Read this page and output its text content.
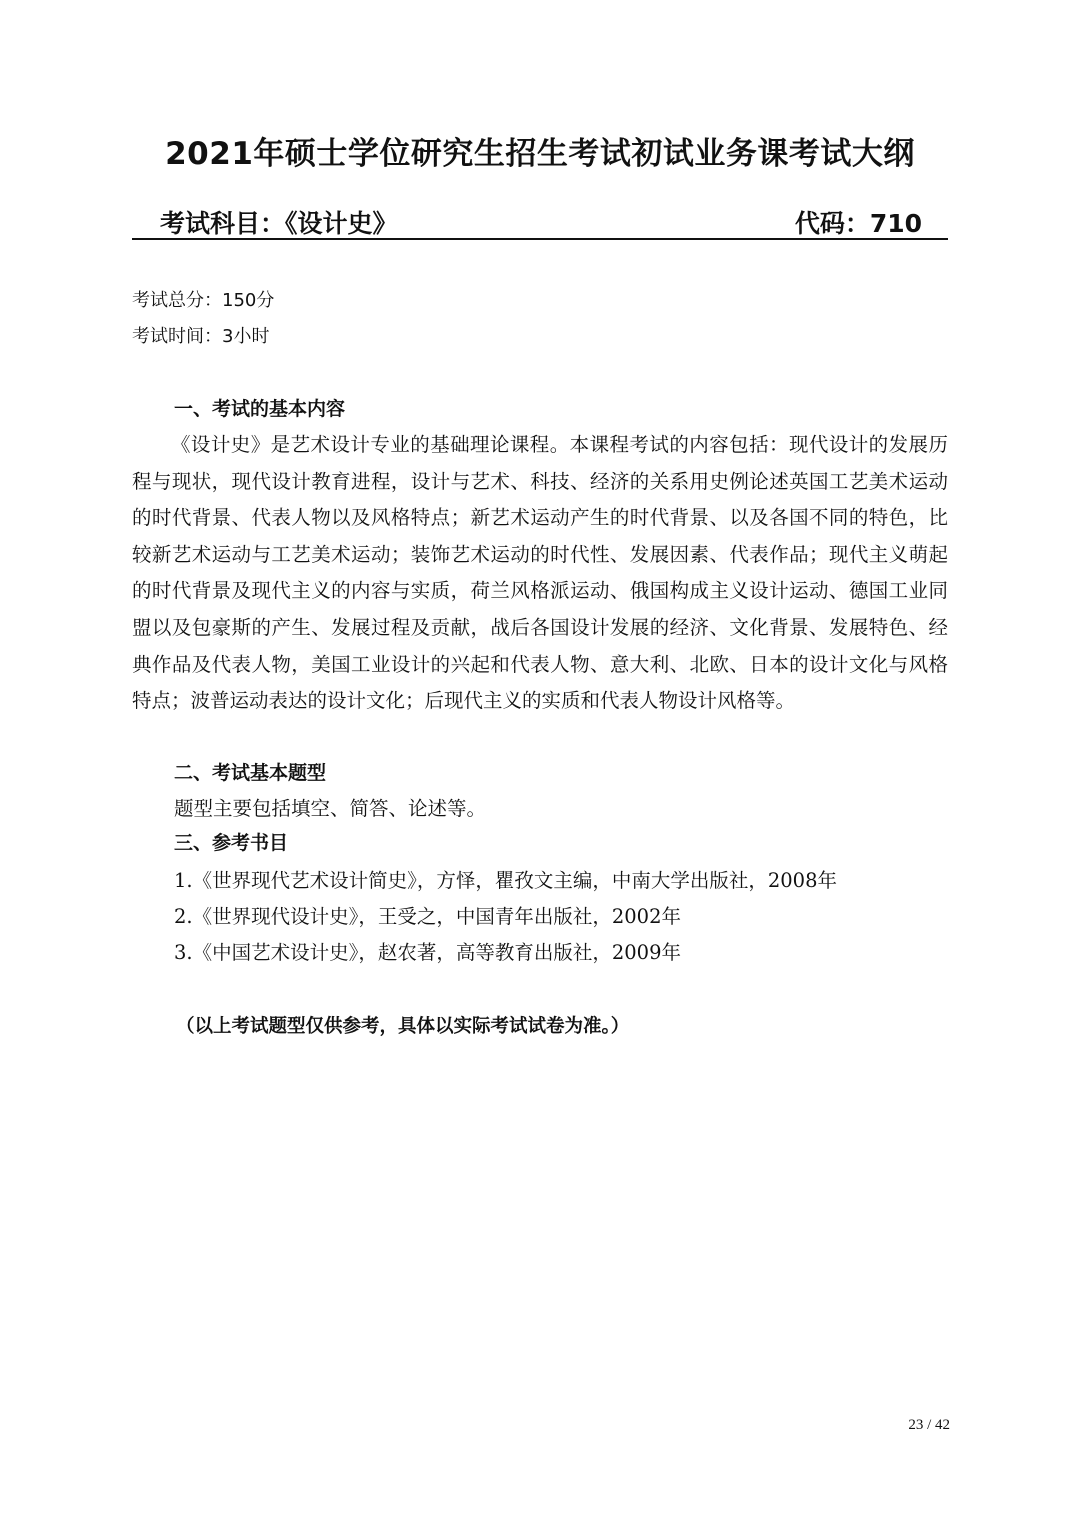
2021年硕士学位研究生招生考试初试业务课考试大纲
考试科目：《设计史》	代码：710
考试总分：150分
考试时间：3小时
一、考试的基本内容

《设计史》是艺术设计专业的基础理论课程。本课程考试的内容包括：现代设计的发展历程与现状，现代设计教育进程，设计与艺术、科技、经济的关系用史例论述英国工艺美术运动的时代背景、代表人物以及风格特点；新艺术运动产生的时代背景、以及各国不同的特色，比较新艺术运动与工艺美术运动；装饰艺术运动的时代性、发展因素、代表作品；现代主义萌起的时代背景及现代主义的内容与实质，荷兰风格派运动、俄国构成主义设计运动、德国工业同盟以及包豪斯的产生、发展过程及贡献，战后各国设计发展的经济、文化背景、发展特色、经典作品及代表人物，美国工业设计的兴起和代表人物、意大利、北欧、日本的设计文化与风格特点；波普运动表达的设计文化；后现代主义的实质和代表人物设计风格等。

二、考试基本题型
题型主要包括填空、简答、论述等。
三、参考书目
1.《世界现代艺术设计简史》，方怿，瞿孜文主编，中南大学出版社，2008年
2.《世界现代设计史》，王受之，中国青年出版社，2002年
3.《中国艺术设计史》，赵农著，高等教育出版社，2009年
（以上考试题型仅供参考，具体以实际考试试卷为准。）
23 / 42
